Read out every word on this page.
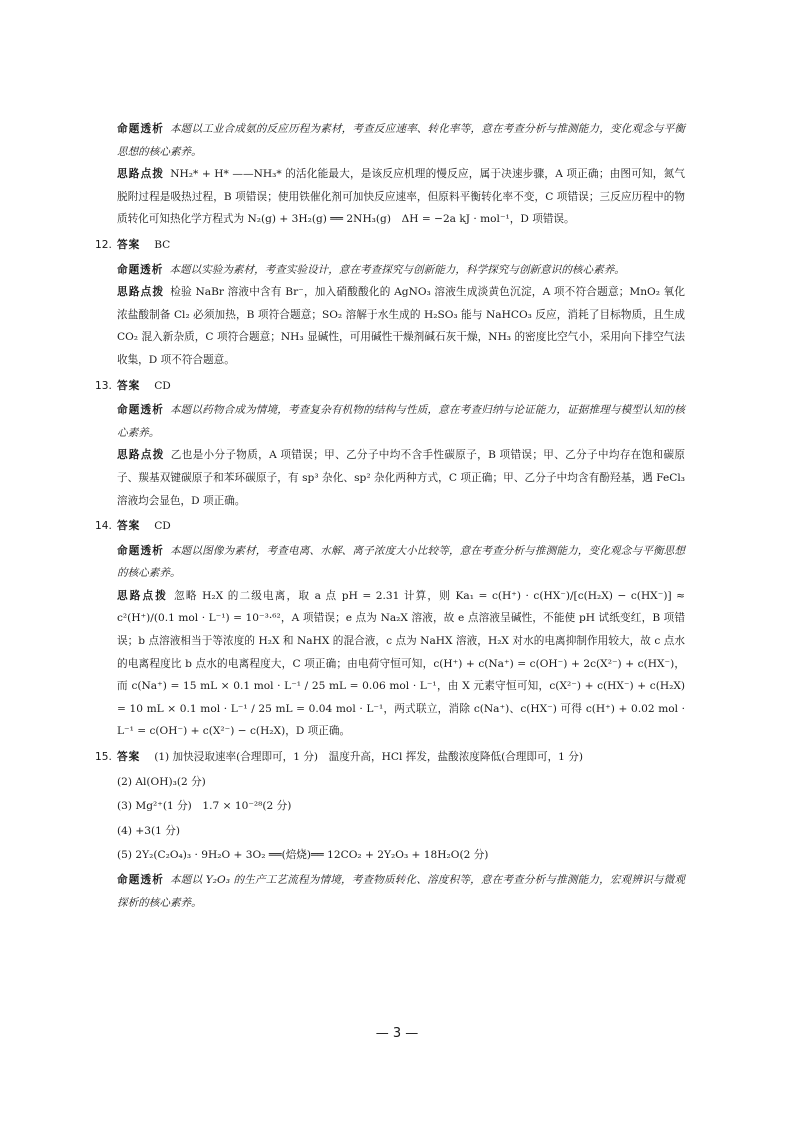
命题透析 本题以工业合成氨的反应历程为素材，考查反应速率、转化率等，意在考查分析与推测能力，变化观念与平衡思想的核心素养。

思路点拨 NH₂* + H* ——NH₃* 的活化能最大，是该反应机理的慢反应，属于决速步骤，A 项正确；由图可知，氮气脱附过程是吸热过程，B 项错误；使用铁催化剂可加快反应速率，但原料平衡转化率不变，C 项错误；三反应历程中的物质转化可知热化学方程式为 N₂(g) + 3H₂(g) ══ 2NH₃(g)　ΔH = −2a kJ · mol⁻¹，D 项错误。

12. 答案 BC

命题透析 本题以实验为素材，考查实验设计，意在考查探究与创新能力，科学探究与创新意识的核心素养。

思路点拨 检验 NaBr 溶液中含有 Br⁻，加入硝酸酸化的 AgNO₃ 溶液生成淡黄色沉淀，A 项不符合题意；MnO₂ 氧化浓盐酸制备 Cl₂ 必须加热，B 项符合题意；SO₂ 溶解于水生成的 H₂SO₃ 能与 NaHCO₃ 反应，消耗了目标物质，且生成 CO₂ 混入新杂质，C 项符合题意；NH₃ 显碱性，可用碱性干燥剂碱石灰干燥，NH₃ 的密度比空气小，采用向下排空气法收集，D 项不符合题意。

13. 答案 CD

命题透析 本题以药物合成为情境，考查复杂有机物的结构与性质，意在考查归纳与论证能力，证据推理与模型认知的核心素养。

思路点拨 乙也是小分子物质，A 项错误；甲、乙分子中均不含手性碳原子，B 项错误；甲、乙分子中均存在饱和碳原子、羰基双键碳原子和苯环碳原子，有 sp³ 杂化、sp² 杂化两种方式，C 项正确；甲、乙分子中均含有酚羟基，遇 FeCl₃ 溶液均会显色，D 项正确。

14. 答案 CD

命题透析 本题以图像为素材，考查电离、水解、离子浓度大小比较等，意在考查分析与推测能力，变化观念与平衡思想的核心素养。

思路点拨 忽略 H₂X 的二级电离，取 a 点 pH = 2.31 计算，则 Ka₁ = c(H⁺) · c(HX⁻)/[c(H₂X) − c(HX⁻)] ≈ c²(H⁺)/(0.1 mol · L⁻¹) = 10⁻³·⁶²，A 项错误；e 点为 Na₂X 溶液，故 e 点溶液呈碱性，不能使 pH 试纸变红，B 项错误；b 点溶液相当于等浓度的 H₂X 和 NaHX 的混合液，c 点为 NaHX 溶液，H₂X 对水的电离抑制作用较大，故 c 点水的电离程度比 b 点水的电离程度大，C 项正确；由电荷守恒可知，c(H⁺) + c(Na⁺) = c(OH⁻) + 2c(X²⁻) + c(HX⁻)，而 c(Na⁺) = 15 mL × 0.1 mol · L⁻¹ / 25 mL = 0.06 mol · L⁻¹，由 X 元素守恒可知，c(X²⁻) + c(HX⁻) + c(H₂X) = 10 mL × 0.1 mol · L⁻¹ / 25 mL = 0.04 mol · L⁻¹，两式联立，消除 c(Na⁺)、c(HX⁻) 可得 c(H⁺) + 0.02 mol · L⁻¹ = c(OH⁻) + c(X²⁻) − c(H₂X)，D 项正确。

15. 答案 (1) 加快浸取速率(合理即可，1 分)　温度升高，HCl 挥发，盐酸浓度降低(合理即可，1 分)

(2) Al(OH)₃(2 分)

(3) Mg²⁺(1 分)　1.7 × 10⁻²⁸(2 分)

(4) +3(1 分)

(5) 2Y₂(C₂O₄)₃ · 9H₂O + 3O₂ ══(焙烧)══ 12CO₂ + 2Y₂O₃ + 18H₂O(2 分)

命题透析 本题以 Y₂O₃ 的生产工艺流程为情境，考查物质转化、溶度积等，意在考查分析与推测能力，宏观辨识与微观探析的核心素养。

— 3 —
